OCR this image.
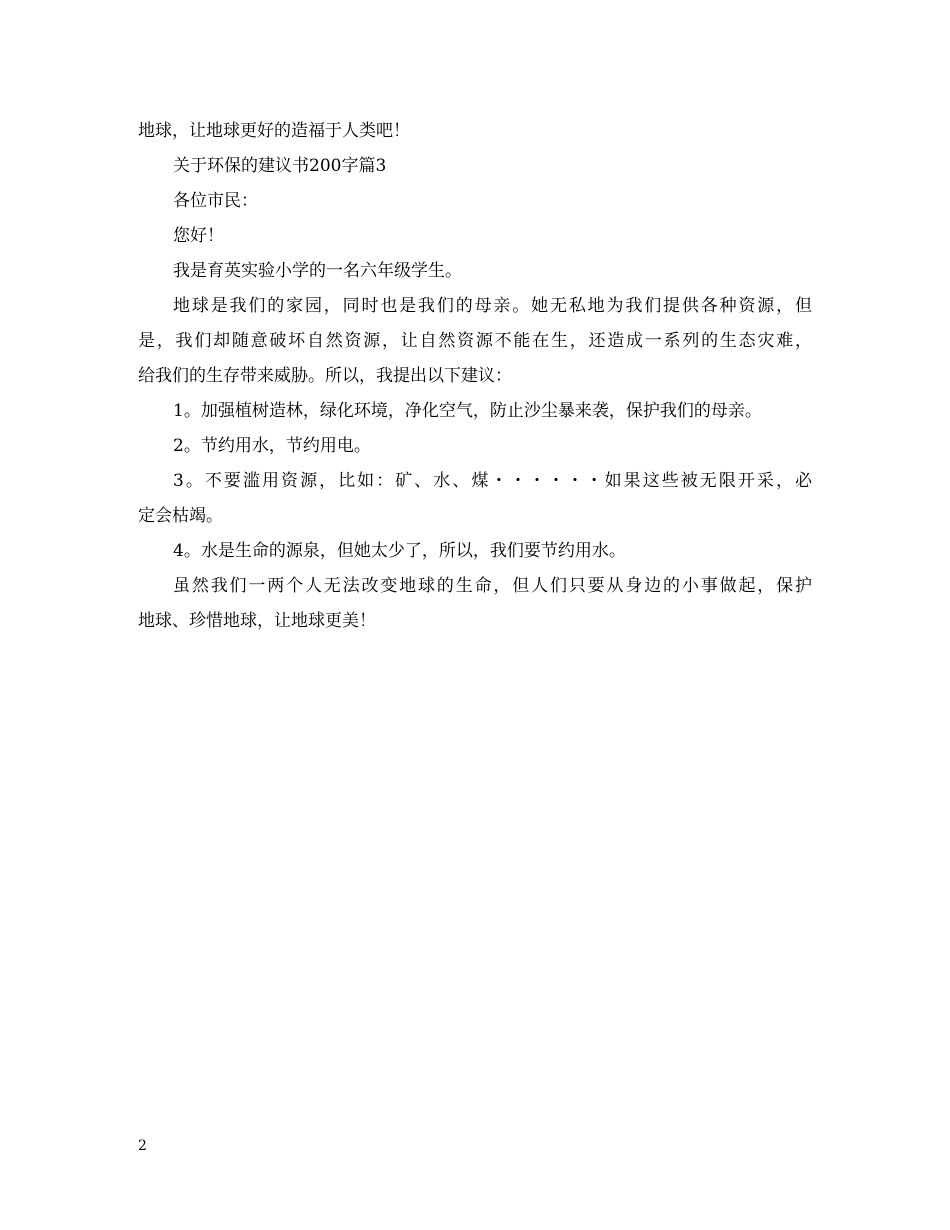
地球，让地球更好的造福于人类吧！
关于环保的建议书200字篇3
各位市民：
您好！
我是育英实验小学的一名六年级学生。
地球是我们的家园，同时也是我们的母亲。她无私地为我们提供各种资源，但
是，我们却随意破坏自然资源，让自然资源不能在生，还造成一系列的生态灾难，
给我们的生存带来威胁。所以，我提出以下建议：
1。加强植树造林，绿化环境，净化空气，防止沙尘暴来袭，保护我们的母亲。
2。节约用水，节约用电。
3。不要滥用资源，比如：矿、水、煤・・・・・・如果这些被无限开采，必
定会枯竭。
4。水是生命的源泉，但她太少了，所以，我们要节约用水。
虽然我们一两个人无法改变地球的生命，但人们只要从身边的小事做起，保护
地球、珍惜地球，让地球更美！
2
